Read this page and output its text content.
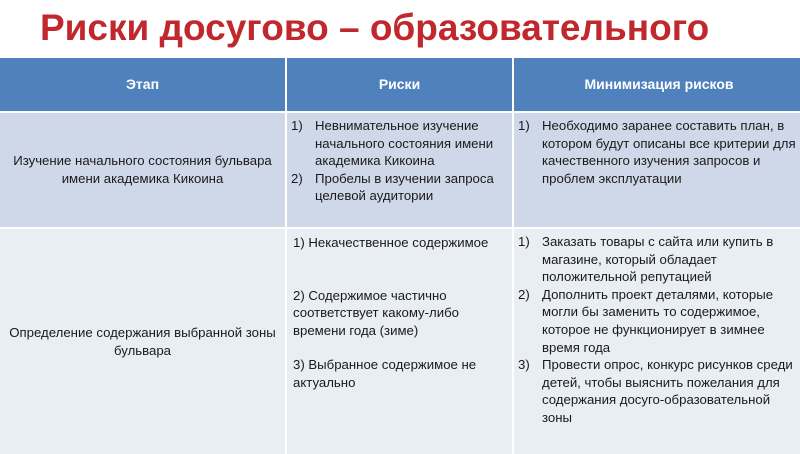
Риски досугово – образовательного
Этап	Риски	Минимизация рисков
Изучение начального состояния бульвара имени академика Кикоина
1) Невнимательное изучение начального состояния имени академика Кикоина
2) Пробелы в изучении запроса целевой аудитории
1) Необходимо заранее составить план, в котором будут описаны все критерии для качественного изучения запросов и проблем эксплуатации
Определение содержания выбранной зоны бульвара

1) Некачественное содержимое

2) Содержимое частично соответствует какому-либо времени года (зиме)

3) Выбранное содержимое не актуально

1) Заказать товары с сайта или купить в магазине, который обладает положительной репутацией
2) Дополнить проект деталями, которые могли бы заменить то содержимое, которое не функционирует в зимнее время года
3) Провести опрос, конкурс рисунков среди детей, чтобы выяснить пожелания для содержания досуго-образовательной зоны
